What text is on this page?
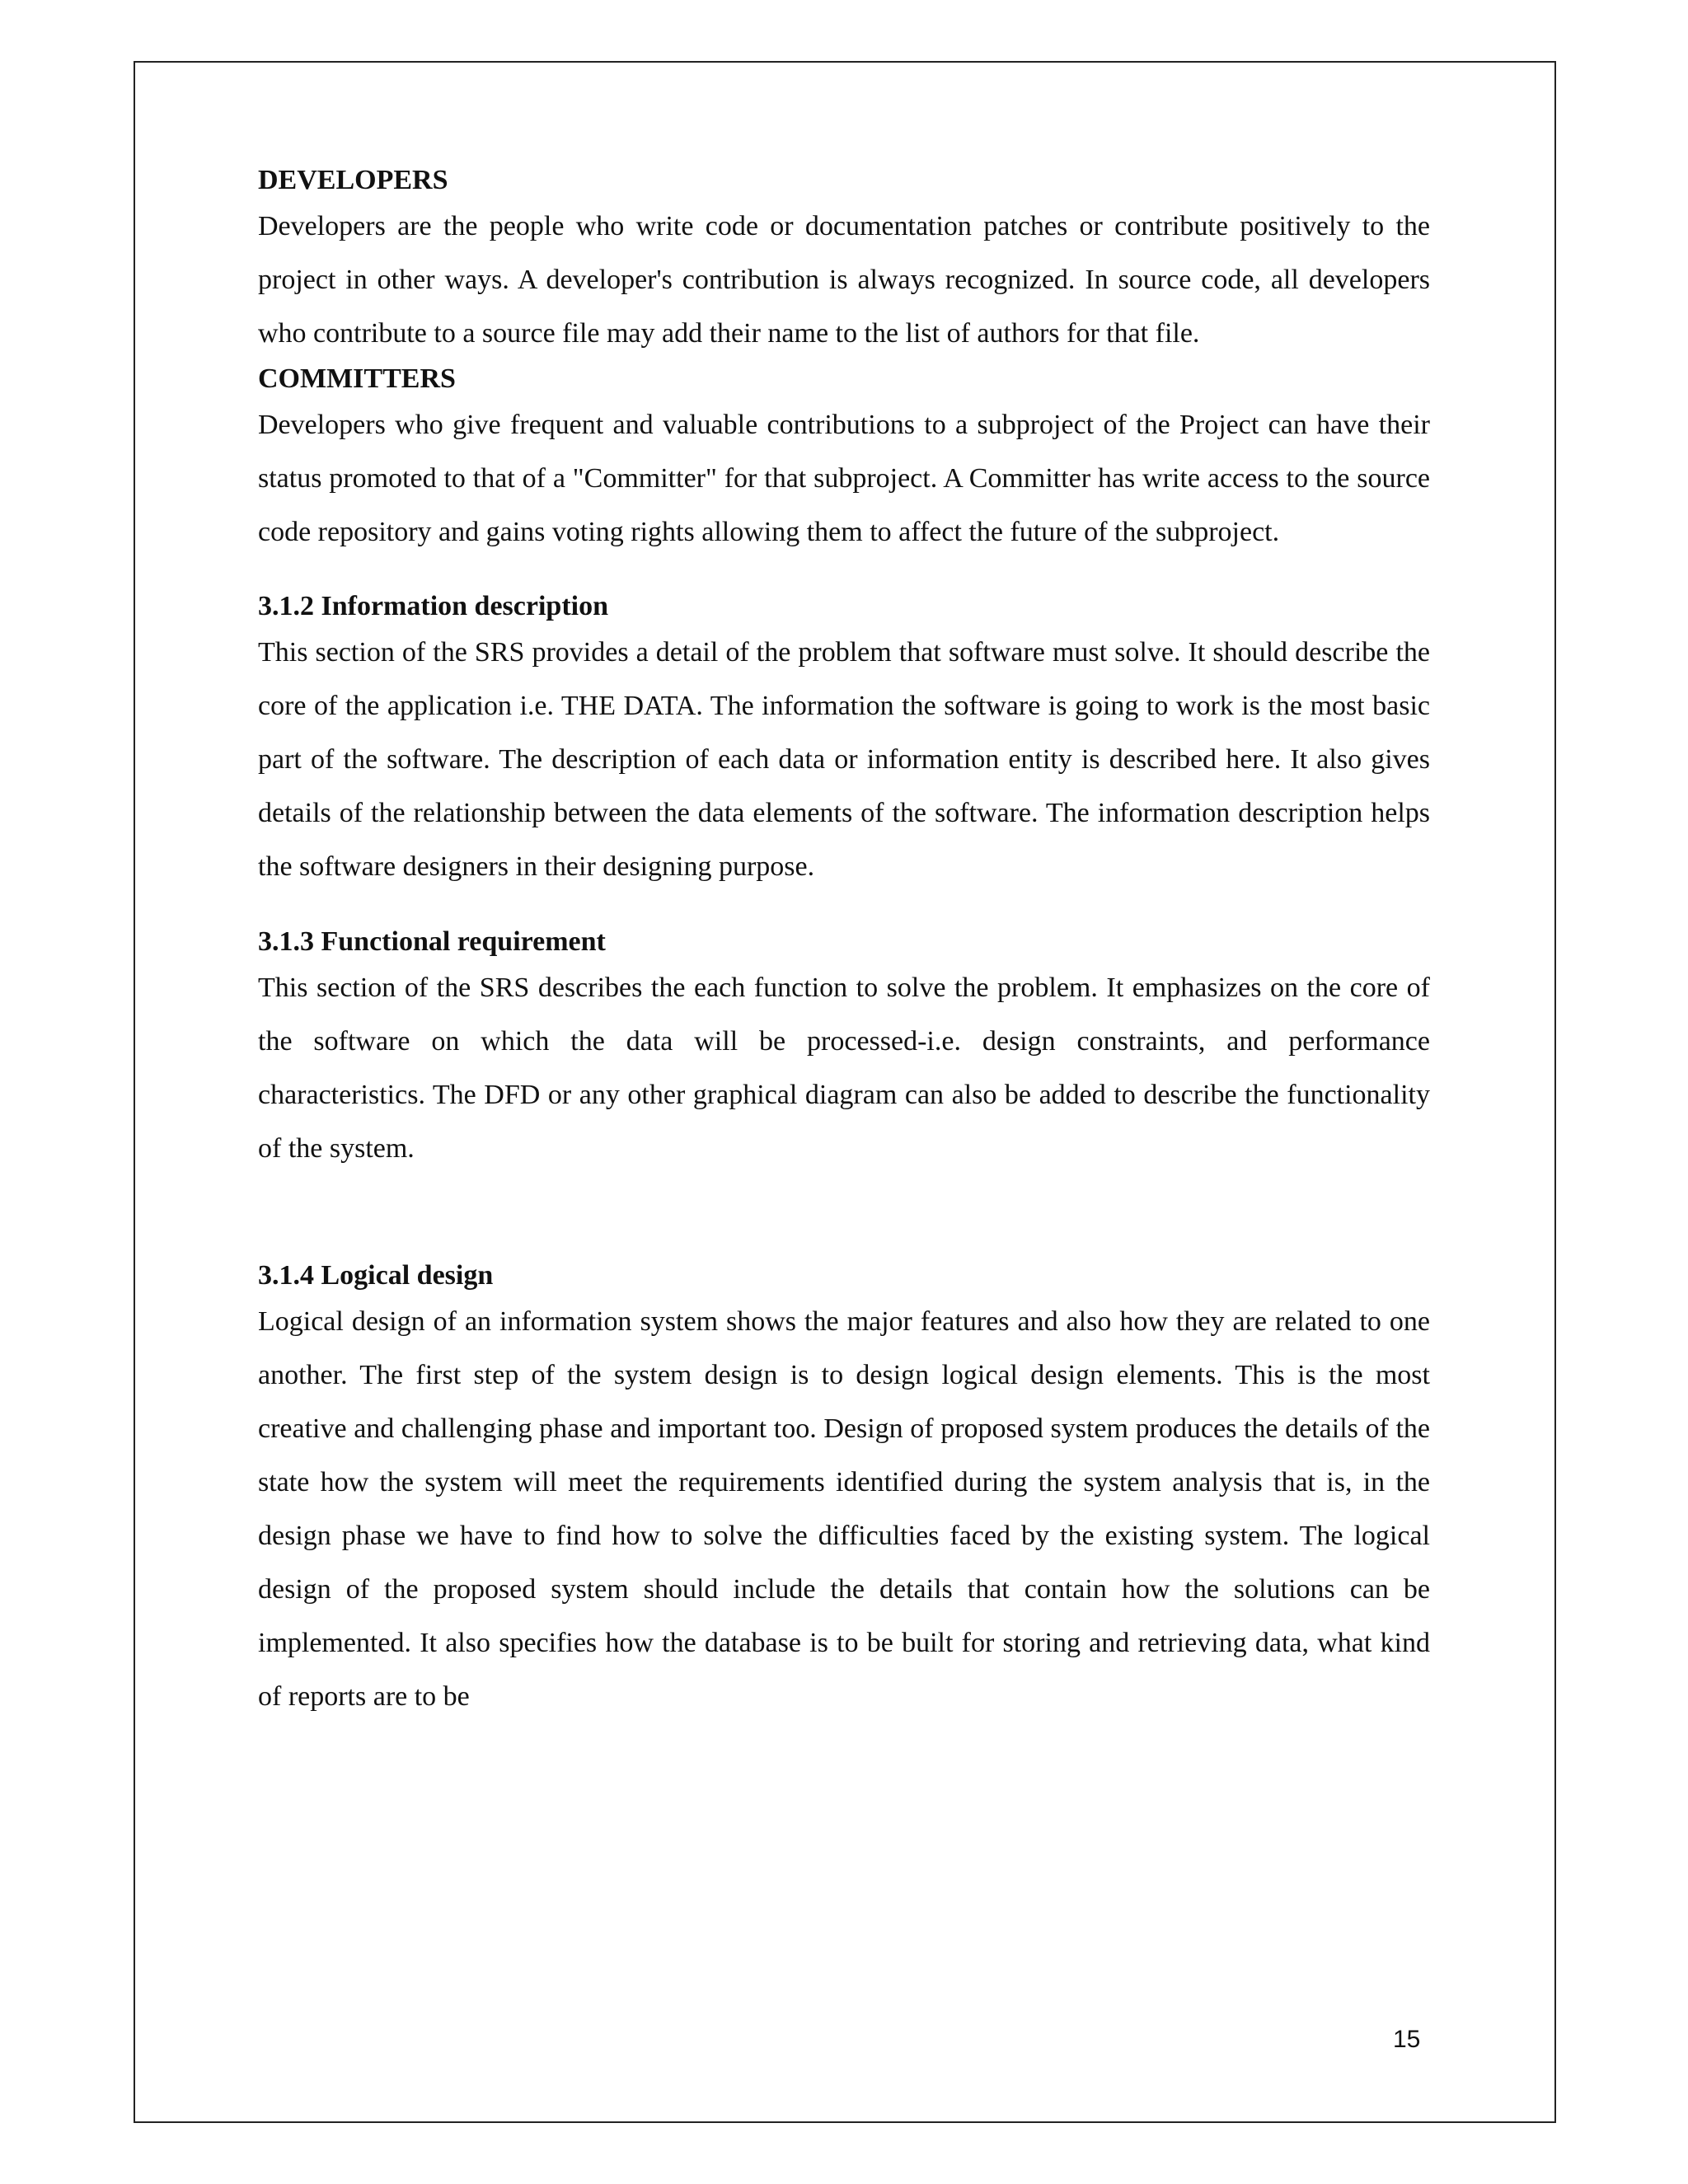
DEVELOPERS

Developers are the people who write code or documentation patches or contribute positively to the project in other ways. A developer's contribution is always recognized. In source code, all developers who contribute to a source file may add their name to the list of authors for that file.

COMMITTERS

Developers who give frequent and valuable contributions to a subproject of the Project can have their status promoted to that of a "Committer" for that subproject. A Committer has write access to the source code repository and gains voting rights allowing them to affect the future of the subproject.

3.1.2 Information description

This section of the SRS provides a detail of the problem that software must solve. It should describe the core of the application i.e. THE DATA. The information the software is going to work is the most basic part of the software. The description of each data or information entity is described here. It also gives details of the relationship between the data elements of the software. The information description helps the software designers in their designing purpose.

3.1.3 Functional requirement

This section of the SRS describes the each function to solve the problem. It emphasizes on the core of the software on which the data will be processed-i.e. design constraints, and performance characteristics. The DFD or any other graphical diagram can also be added to describe the functionality of the system.

3.1.4 Logical design

Logical design of an information system shows the major features and also how they are related to one another. The first step of the system design is to design logical design elements. This is the most creative and challenging phase and important too. Design of proposed system produces the details of the state how the system will meet the requirements identified during the system analysis that is, in the design phase we have to find how to solve the difficulties faced by the existing system. The logical design of the proposed system should include the details that contain how the solutions can be implemented. It also specifies how the database is to be built for storing and retrieving data, what kind of reports are to be

15
